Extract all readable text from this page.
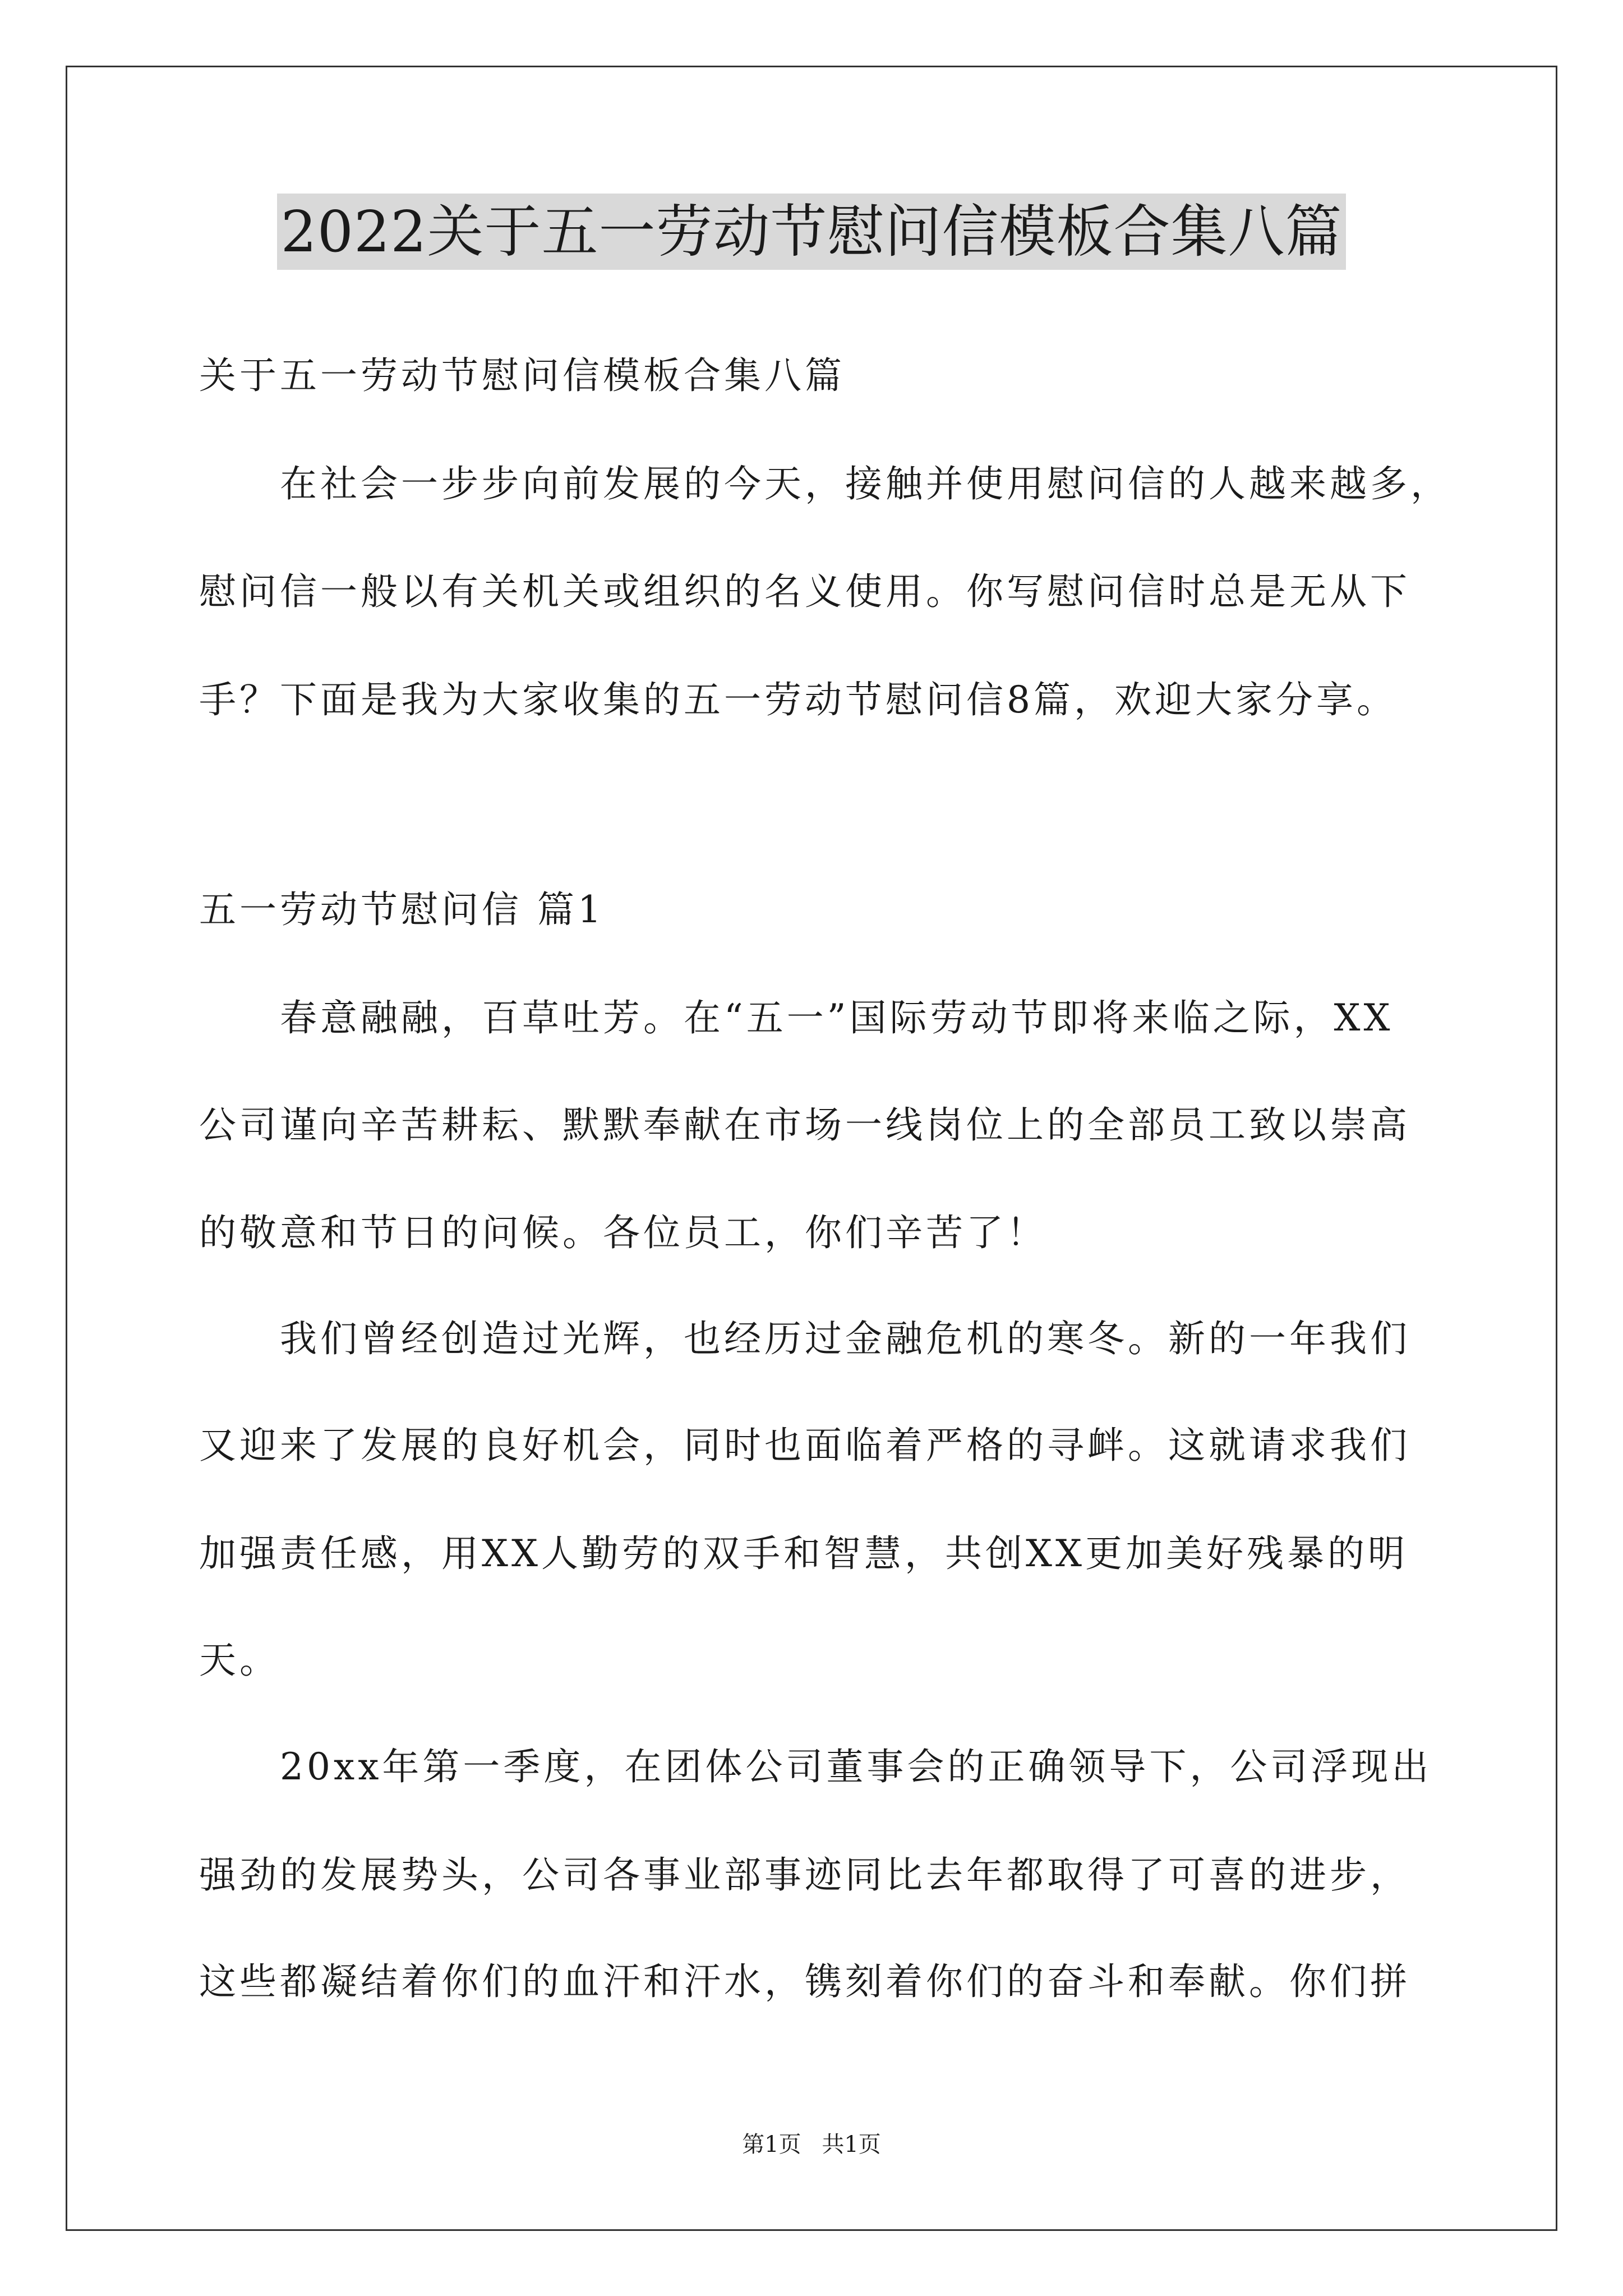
2022关于五一劳动节慰问信模板合集八篇
关于五一劳动节慰问信模板合集八篇
　　在社会一步步向前发展的今天，接触并使用慰问信的人越来越多，
慰问信一般以有关机关或组织的名义使用。你写慰问信时总是无从下
手？下面是我为大家收集的五一劳动节慰问信8篇，欢迎大家分享。
五一劳动节慰问信 篇1
　　春意融融，百草吐芳。在“五一”国际劳动节即将来临之际，XX
公司谨向辛苦耕耘、默默奉献在市场一线岗位上的全部员工致以崇高
的敬意和节日的问候。各位员工，你们辛苦了！
　　我们曾经创造过光辉，也经历过金融危机的寒冬。新的一年我们
又迎来了发展的良好机会，同时也面临着严格的寻衅。这就请求我们
加强责任感，用XX人勤劳的双手和智慧，共创XX更加美好残暴的明
天。
　　20xx年第一季度，在团体公司董事会的正确领导下，公司浮现出
强劲的发展势头，公司各事业部事迹同比去年都取得了可喜的进步，
这些都凝结着你们的血汗和汗水，镌刻着你们的奋斗和奉献。你们拼
第1页 共1页
